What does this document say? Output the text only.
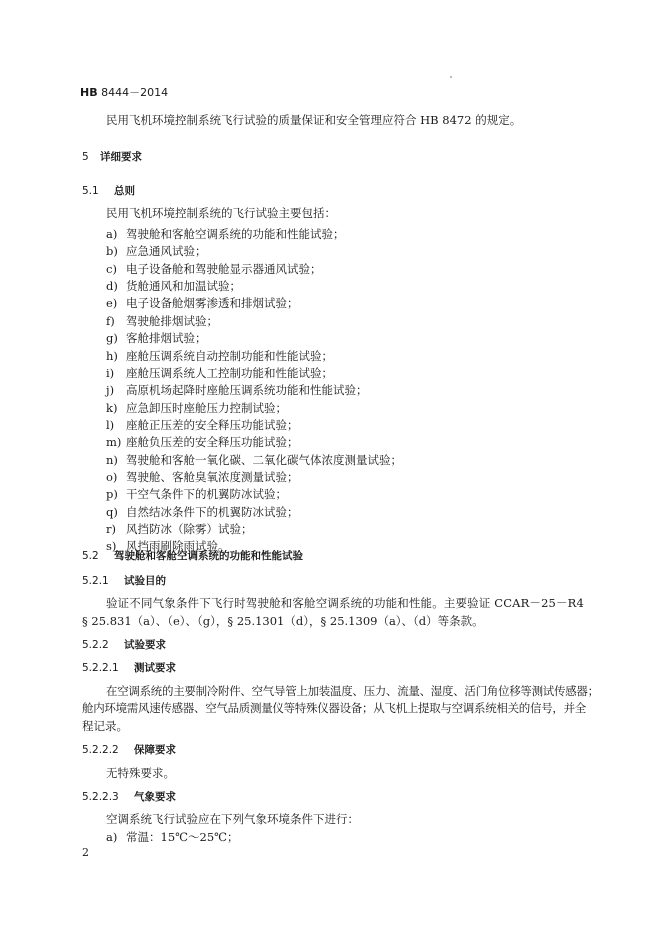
HB 8444－2014
民用飞机环境控制系统飞行试验的质量保证和安全管理应符合 HB 8472 的规定。
5 详细要求
5.1 总则
民用飞机环境控制系统的飞行试验主要包括：
a) 驾驶舱和客舱空调系统的功能和性能试验；
b) 应急通风试验；
c) 电子设备舱和驾驶舱显示器通风试验；
d) 货舱通风和加温试验；
e) 电子设备舱烟雾渗透和排烟试验；
f) 驾驶舱排烟试验；
g) 客舱排烟试验；
h) 座舱压调系统自动控制功能和性能试验；
i) 座舱压调系统人工控制功能和性能试验；
j) 高原机场起降时座舱压调系统功能和性能试验；
k) 应急卸压时座舱压力控制试验；
l) 座舱正压差的安全释压功能试验；
m) 座舱负压差的安全释压功能试验；
n) 驾驶舱和客舱一氧化碳、二氧化碳气体浓度测量试验；
o) 驾驶舱、客舱臭氧浓度测量试验；
p) 干空气条件下的机翼防冰试验；
q) 自然结冰条件下的机翼防冰试验；
r) 风挡防冰（除雾）试验；
s) 风挡雨刷除雨试验。
5.2 驾驶舱和客舱空调系统的功能和性能试验
5.2.1 试验目的
验证不同气象条件下飞行时驾驶舱和客舱空调系统的功能和性能。主要验证 CCAR－25－R4
§ 25.831（a）、（e）、（g），§ 25.1301（d），§ 25.1309（a）、（d）等条款。
5.2.2 试验要求
5.2.2.1 测试要求
在空调系统的主要制冷附件、空气导管上加装温度、压力、流量、湿度、活门角位移等测试传感器；
舱内环境需风速传感器、空气品质测量仪等特殊仪器设备；从飞机上提取与空调系统相关的信号，并全
程记录。
5.2.2.2 保障要求
无特殊要求。
5.2.2.3 气象要求
空调系统飞行试验应在下列气象环境条件下进行：
a) 常温：15℃～25℃；
2
